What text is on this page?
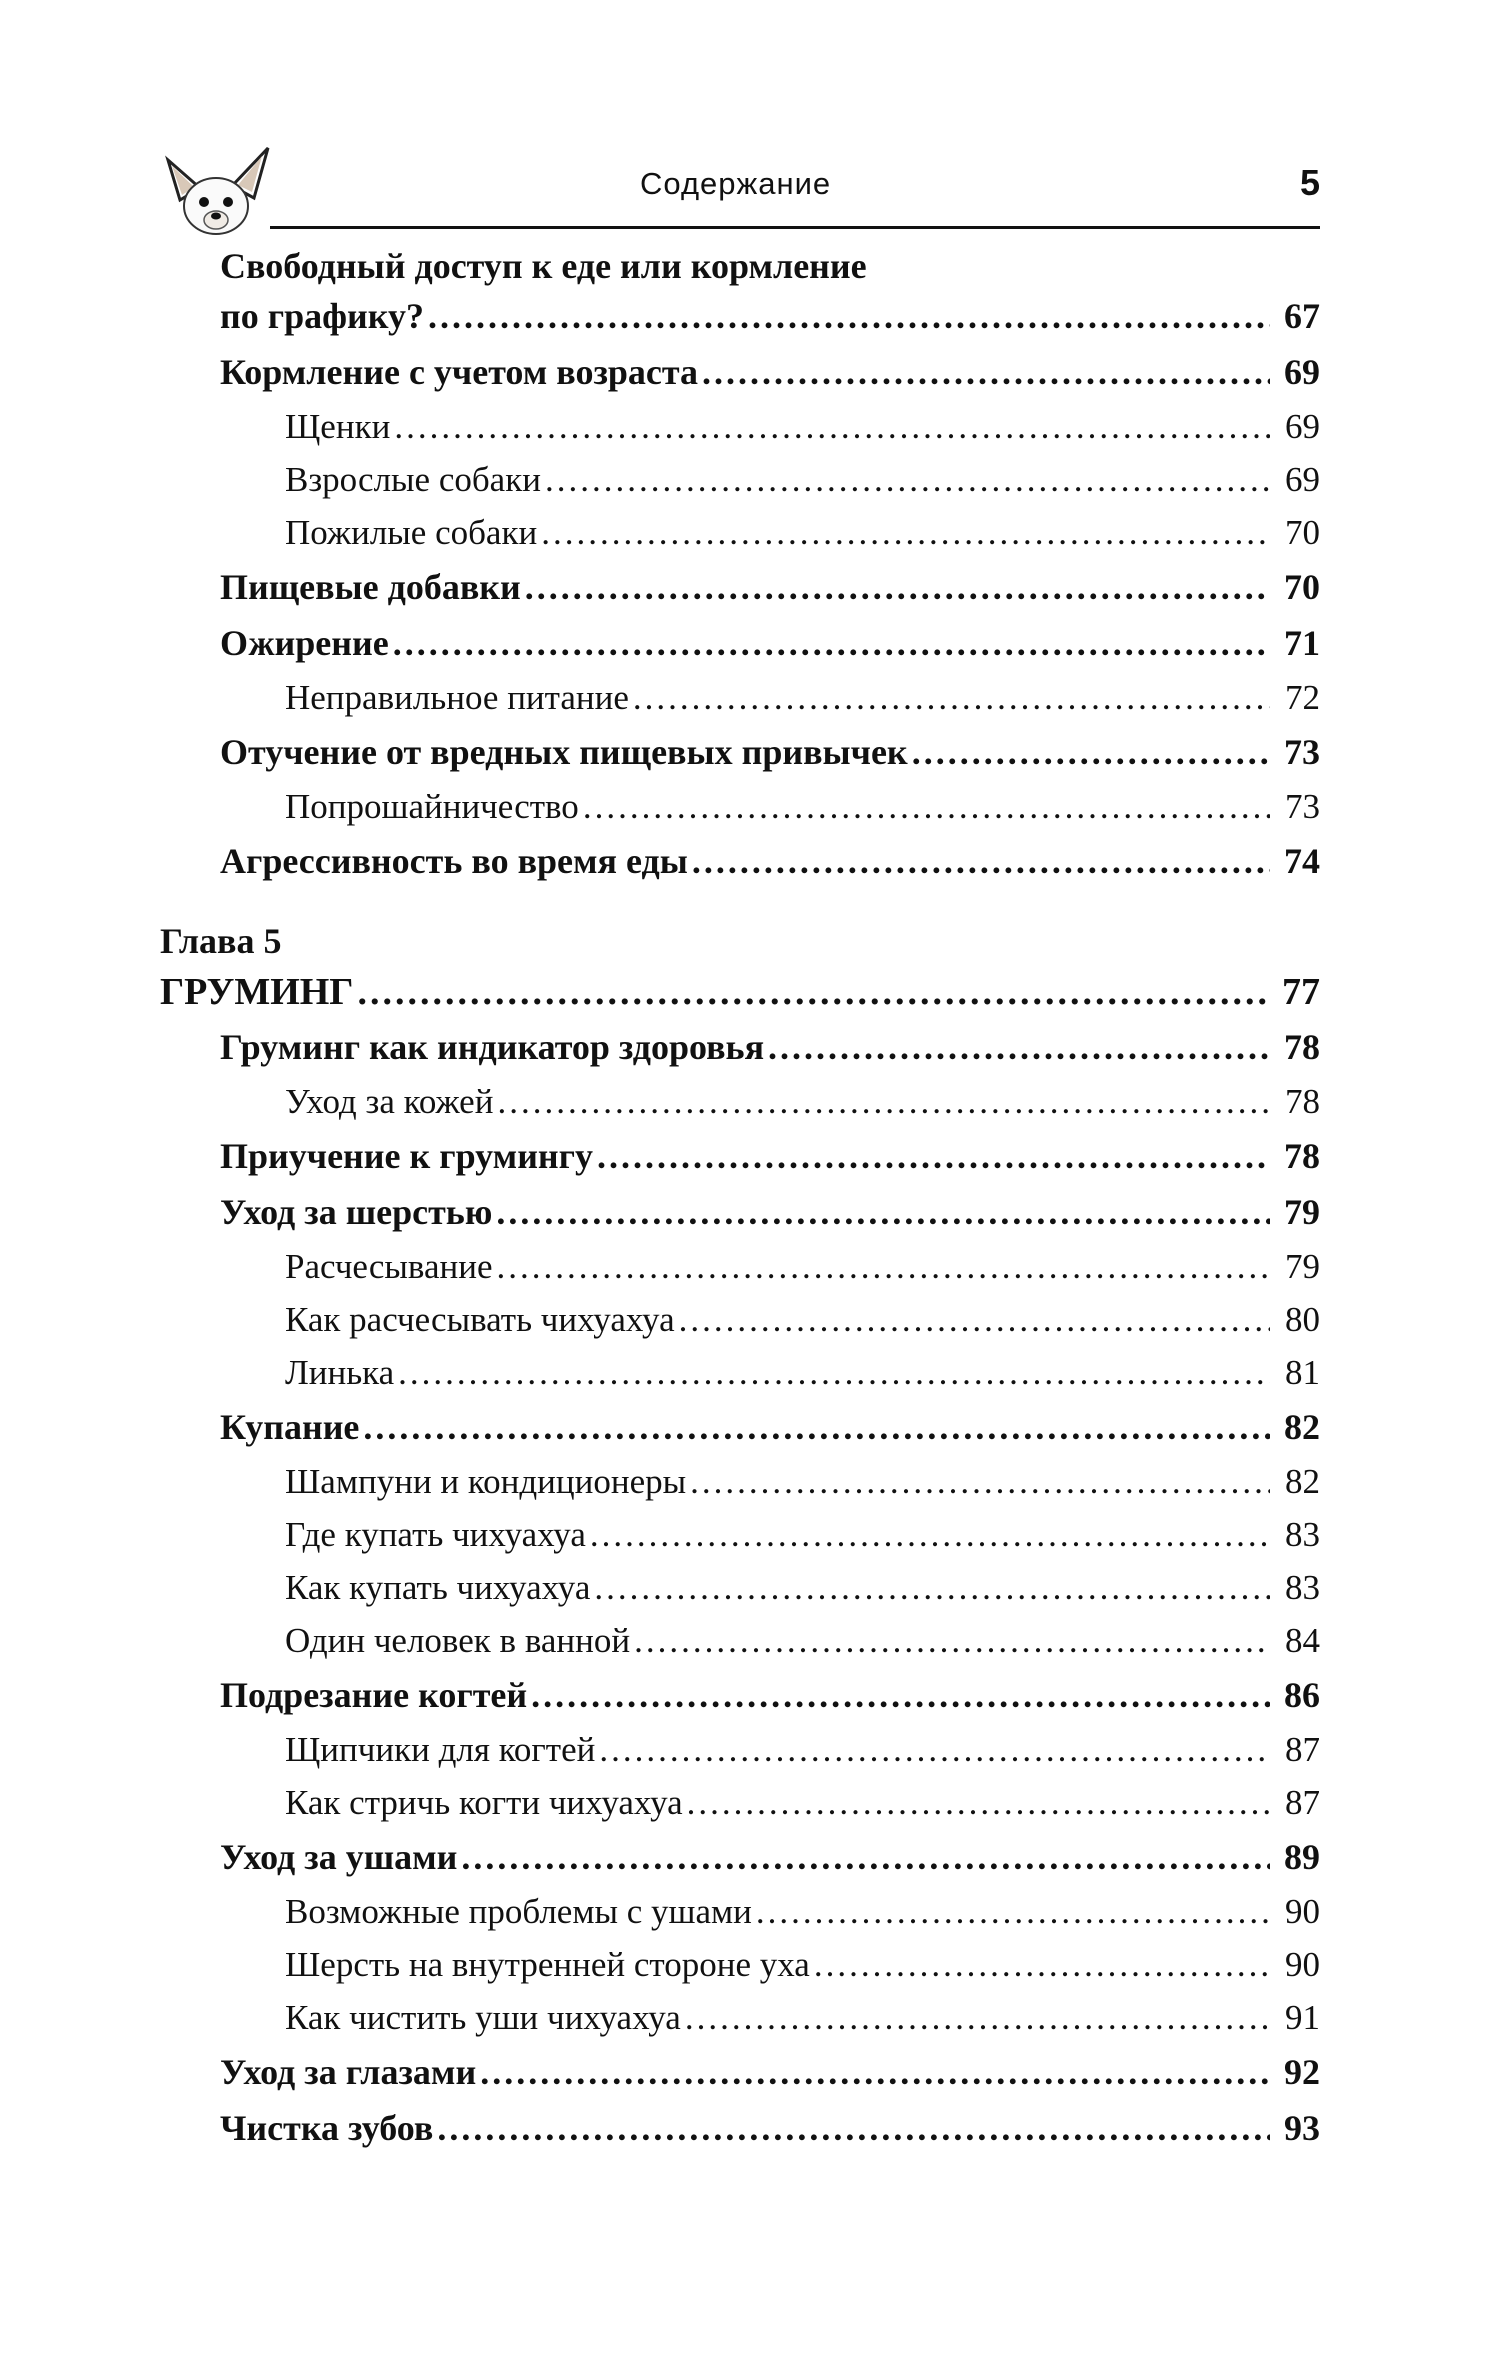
Содержание	5
Свободный доступ к еде или кормление
по графику? .....	67
Кормление с учетом возраста .....	69
Щенки .....	69
Взрослые собаки .....	69
Пожилые собаки .....	70
Пищевые добавки .....	70
Ожирение .....	71
Неправильное питание .....	72
Отучение от вредных пищевых привычек .....	73
Попрошайничество .....	73
Агрессивность во время еды .....	74
Глава 5
ГРУМИНГ .....	77
Груминг как индикатор здоровья .....	78
Уход за кожей .....	78
Приучение к грумингу .....	78
Уход за шерстью .....	79
Расчесывание .....	79
Как расчесывать чихуахуа .....	80
Линька .....	81
Купание .....	82
Шампуни и кондиционеры .....	82
Где купать чихуахуа .....	83
Как купать чихуахуа .....	83
Один человек в ванной .....	84
Подрезание когтей .....	86
Щипчики для когтей .....	87
Как стричь когти чихуахуа .....	87
Уход за ушами .....	89
Возможные проблемы с ушами .....	90
Шерсть на внутренней стороне уха .....	90
Как чистить уши чихуахуа .....	91
Уход за глазами .....	92
Чистка зубов .....	93
